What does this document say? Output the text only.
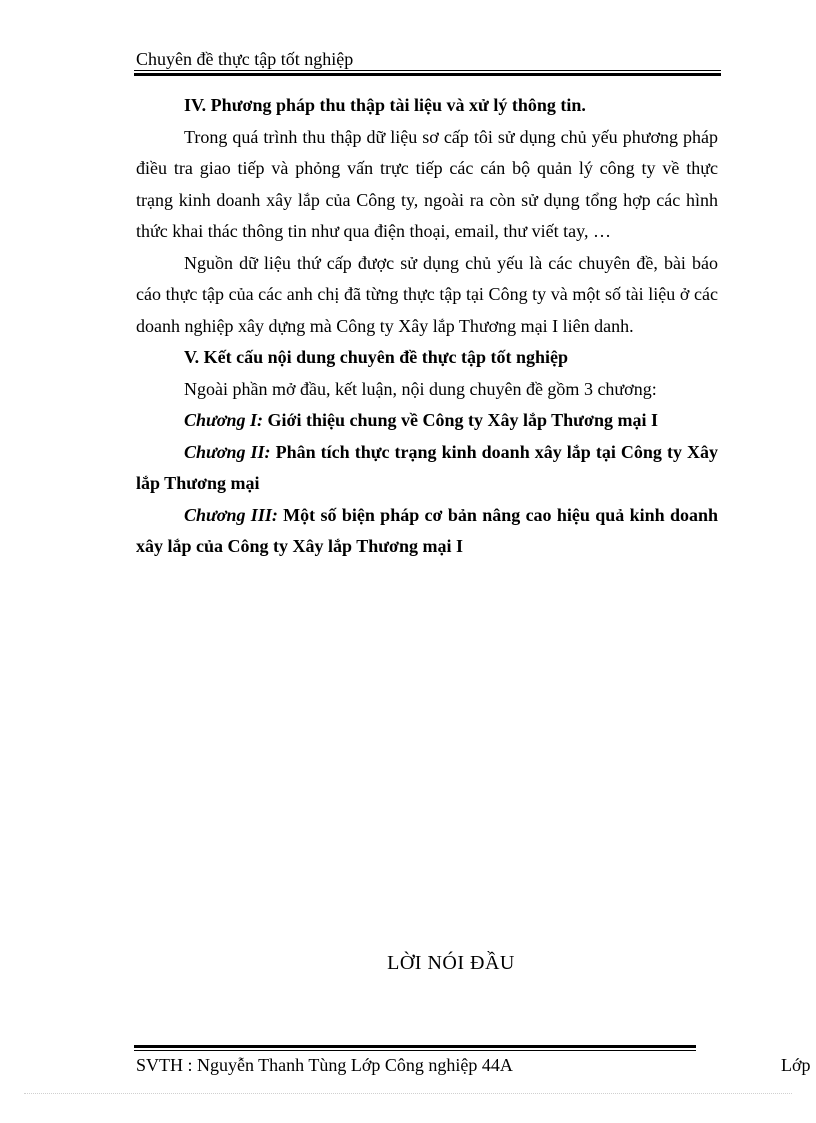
Chuyên đề thực tập tốt nghiệp

IV. Phương pháp thu thập tài liệu và xử lý thông tin.

Trong quá trình thu thập dữ liệu sơ cấp tôi sử dụng chủ yếu phương pháp điều tra giao tiếp và phỏng vấn trực tiếp các cán bộ quản lý công ty về thực trạng kinh doanh xây lắp của Công ty, ngoài ra còn sử dụng tổng hợp các hình thức khai thác thông tin như qua điện thoại, email, thư viết tay, …

Nguồn dữ liệu thứ cấp được sử dụng chủ yếu là các chuyên đề, bài báo cáo thực tập của các anh chị đã từng thực tập tại Công ty và một số tài liệu ở các doanh nghiệp xây dựng mà Công ty Xây lắp Thương mại I liên danh.

V. Kết cấu nội dung chuyên đề thực tập tốt nghiệp

Ngoài phần mở đầu, kết luận, nội dung chuyên đề gồm 3 chương:

Chương I: Giới thiệu chung về Công ty Xây lắp Thương mại I

Chương II: Phân tích thực trạng kinh doanh xây lắp tại Công ty Xây lắp Thương mại

Chương III: Một số biện pháp cơ bản nâng cao hiệu quả kinh doanh xây lắp của Công ty Xây lắp Thương mại I

LỜI NÓI ĐẦU
SVTH : Nguyễn Thanh Tùng Lớp Công nghiệp 44A	Lớp
